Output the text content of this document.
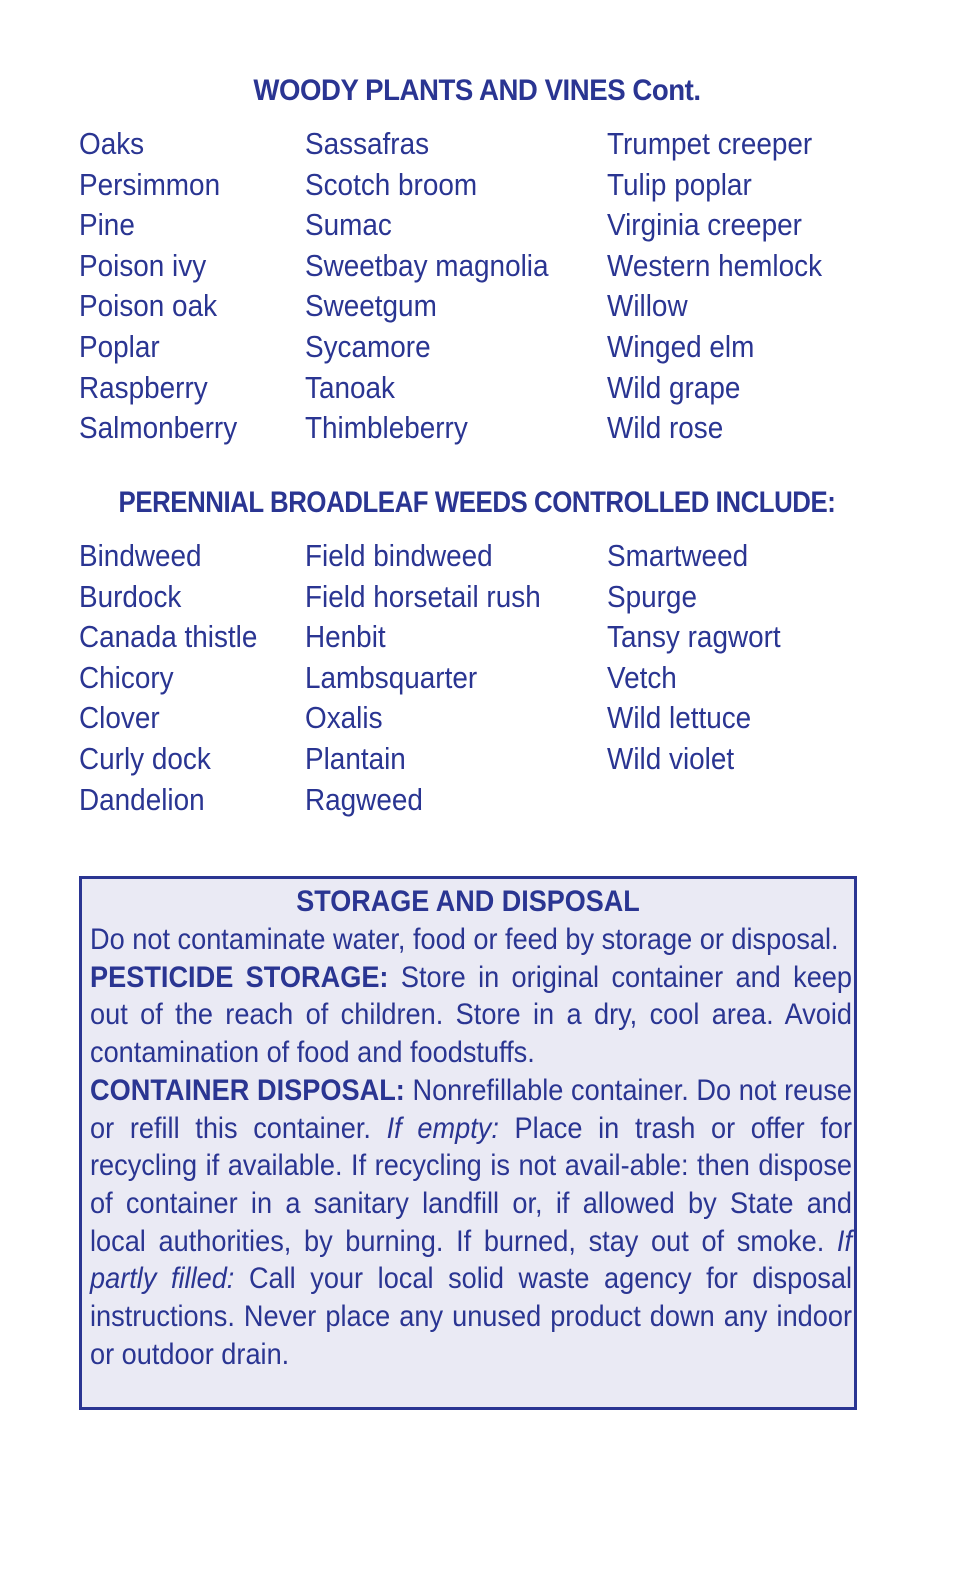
WOODY PLANTS AND VINES Cont.
Oaks
Persimmon
Pine
Poison ivy
Poison oak
Poplar
Raspberry
Salmonberry
Sassafras
Scotch broom
Sumac
Sweetbay magnolia
Sweetgum
Sycamore
Tanoak
Thimbleberry
Trumpet creeper
Tulip poplar
Virginia creeper
Western hemlock
Willow
Winged elm
Wild grape
Wild rose
PERENNIAL BROADLEAF WEEDS CONTROLLED INCLUDE:
Bindweed
Burdock
Canada thistle
Chicory
Clover
Curly dock
Dandelion
Field bindweed
Field horsetail rush
Henbit
Lambsquarter
Oxalis
Plantain
Ragweed
Smartweed
Spurge
Tansy ragwort
Vetch
Wild lettuce
Wild violet
STORAGE AND DISPOSAL

Do not contaminate water, food or feed by storage or disposal.

PESTICIDE STORAGE: Store in original container and keep out of the reach of children. Store in a dry, cool area. Avoid contamination of food and foodstuffs.

CONTAINER DISPOSAL: Nonrefillable container. Do not reuse or refill this container. If empty: Place in trash or offer for recycling if available. If recycling is not avail-able: then dispose of container in a sanitary landfill or, if allowed by State and local authorities, by burning. If burned, stay out of smoke. If partly filled: Call your local solid waste agency for disposal instructions. Never place any unused product down any indoor or outdoor drain.
